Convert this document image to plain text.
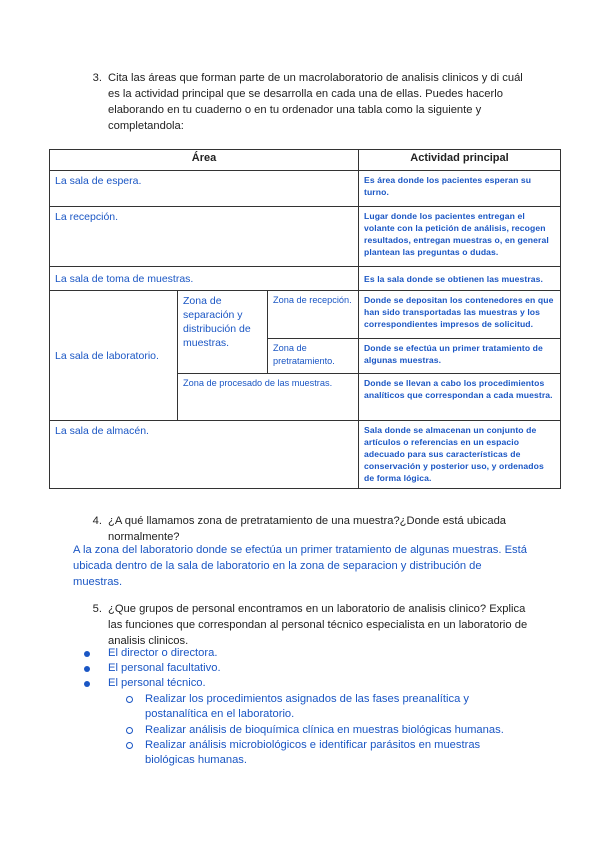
3. Cita las áreas que forman parte de un macrolaboratorio de analisis clinicos y di cuál
es la actividad principal que se desarrolla en cada una de ellas. Puedes hacerlo
elaborando en tu cuaderno o en tu ordenador una tabla como la siguiente y
completandola:
Área			Actividad principal
La sala de espera.			Es área donde los pacientes esperan su turno.
La recepción.			Lugar donde los pacientes entregan el volante con la petición de análisis, recogen resultados, entregan muestras o, en general plantean las preguntas o dudas.
La sala de toma de muestras.			Es la sala donde se obtienen las muestras.
La sala de laboratorio.	Zona de separación y distribución de muestras.	Zona de recepción.	Donde se depositan los contenedores en que han sido transportadas las muestras y los correspondientes impresos de solicitud.
		Zona de pretratamiento.	Donde se efectúa un primer tratamiento de algunas muestras.
	Zona de procesado de las muestras.		Donde se llevan a cabo los procedimientos analíticos que correspondan a cada muestra.
La sala de almacén.			Sala donde se almacenan un conjunto de artículos o referencias en un espacio adecuado para sus características de conservación y posterior uso, y ordenados de forma lógica.
4. ¿A qué llamamos zona de pretratamiento de una muestra?¿Donde está ubicada
normalmente?
A la zona del laboratorio donde se efectúa un primer tratamiento de algunas muestras. Está
ubicada dentro de la sala de laboratorio en la zona de separacion y distribución de
muestras.
5. ¿Que grupos de personal encontramos en un laboratorio de analisis clinico? Explica
las funciones que correspondan al personal técnico especialista en un laboratorio de
analisis clinicos.
El director o directora.
El personal facultativo.
El personal técnico.
Realizar los procedimientos asignados de las fases preanalítica y
postanalítica en el laboratorio.
Realizar análisis de bioquímica clínica en muestras biológicas humanas.
Realizar análisis microbiológicos e identificar parásitos en muestras
biológicas humanas.
